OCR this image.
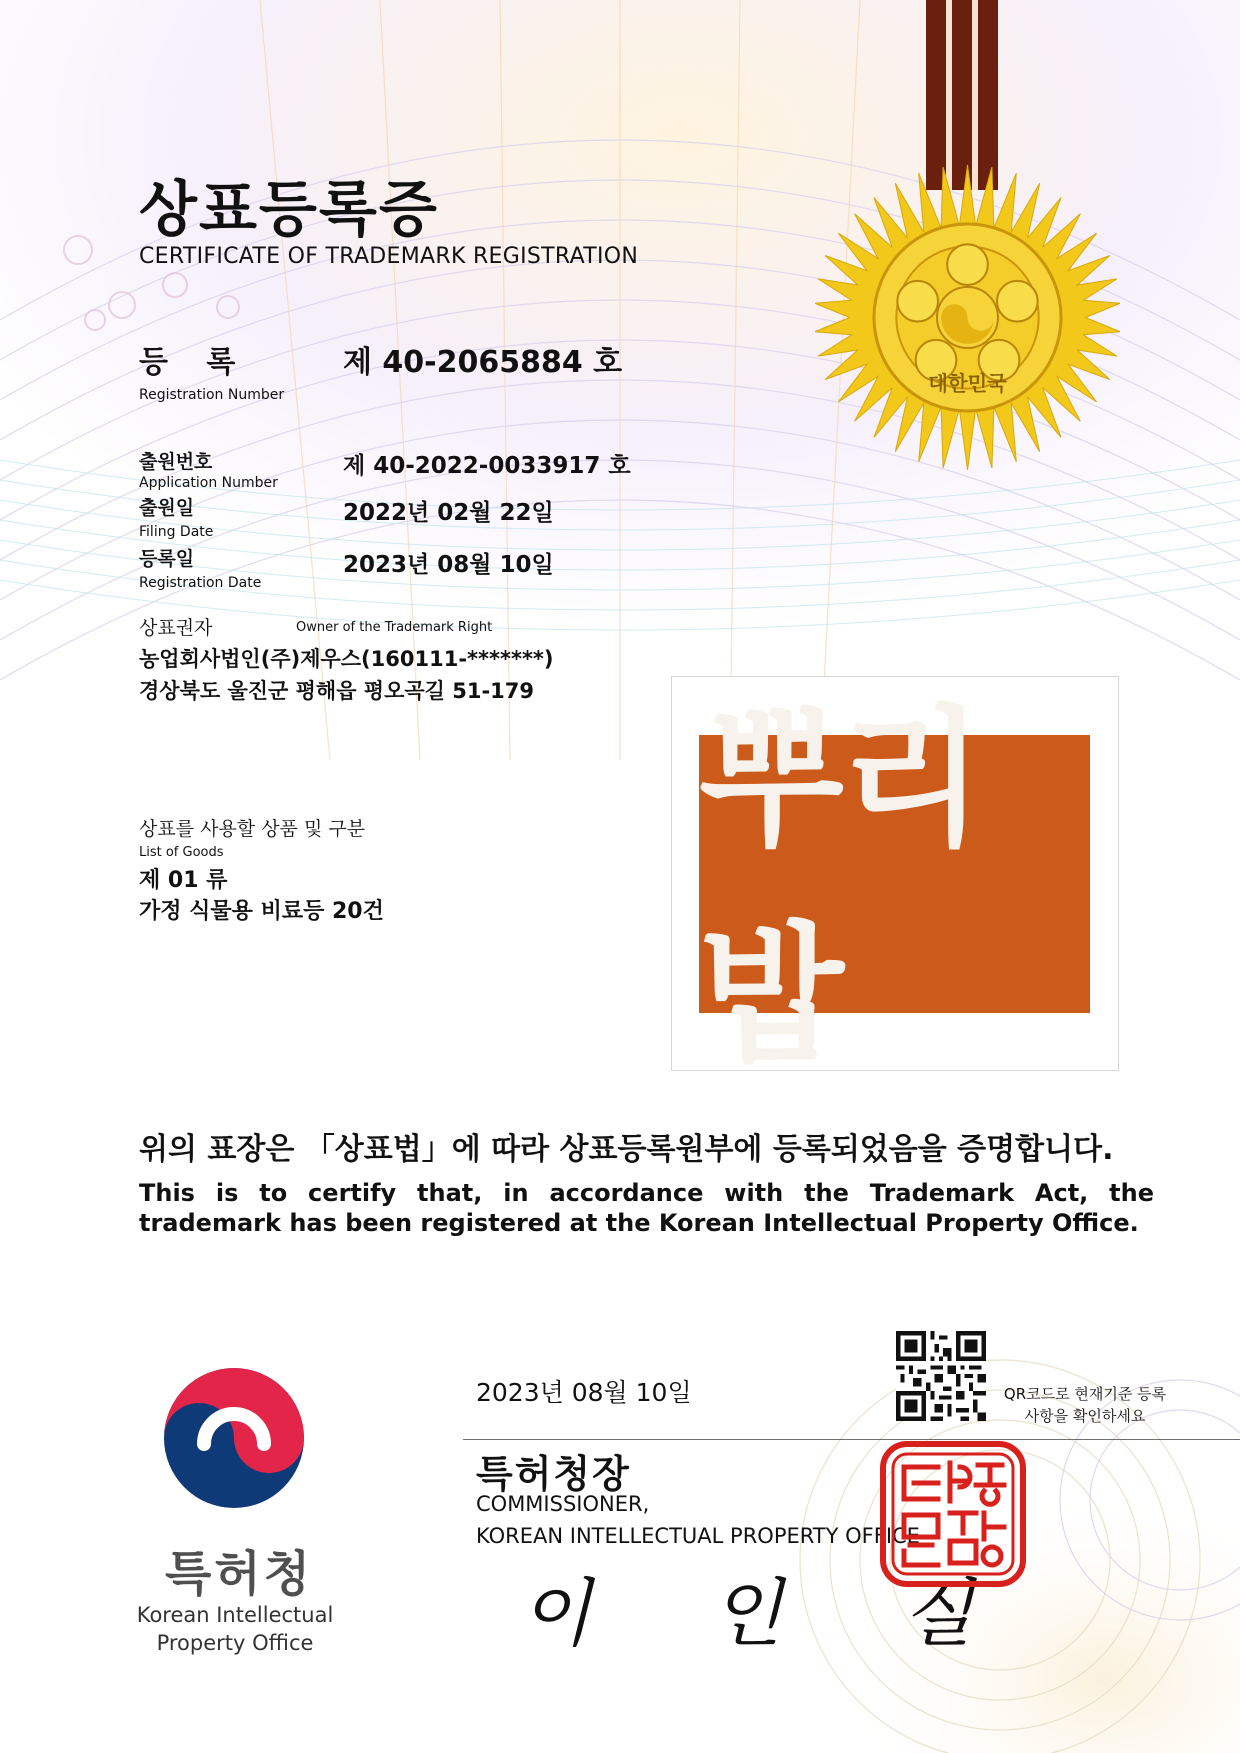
대한민국
상표등록증
CERTIFICATE OF TRADEMARK REGISTRATION
등 록
Registration Number
제 40-2065884 호
출원번호
Application Number
제 40-2022-0033917 호
출원일
Filing Date
2022년 02월 22일
등록일
Registration Date
2023년 08월 10일
상표권자	Owner of the Trademark Right
농업회사법인(주)제우스(160111-*******)
경상북도 울진군 평해읍 평오곡길 51-179
상표를 사용할 상품 및 구분
List of Goods
제 01 류
가정 식물용 비료등 20건
뿌리밥
위의 표장은 「상표법」에 따라 상표등록원부에 등록되었음을 증명합니다.
This is to certify that, in accordance with the Trademark Act, the trademark has been registered at the Korean Intellectual Property Office.
특허청
Korean Intellectual Property Office
2023년 08월 10일	QR코드로 현재기준 등록사항을 확인하세요
특허청장
COMMISSIONER,
KOREAN INTELLECTUAL PROPERTY OFFICE
이 인 실
